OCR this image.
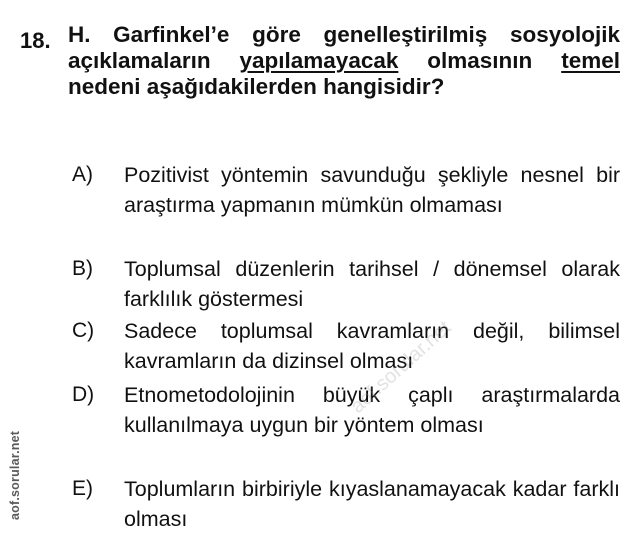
18. H. Garfinkel’e göre genelleştirilmiş sosyolojik açıklamaların yapılamayacak olmasının temel nedeni aşağıdakilerden hangisidir?
A) Pozitivist yöntemin savunduğu şekliyle nesnel bir araştırma yapmanın mümkün olmaması
B) Toplumsal düzenlerin tarihsel / dönemsel olarak farklılık göstermesi
C) Sadece toplumsal kavramların değil, bilimsel kavramların da dizinsel olması
D) Etnometodolojinin büyük çaplı araştırmalarda kullanılmaya uygun bir yöntem olması
E) Toplumların birbiriyle kıyaslanamayacak kadar farklı olması
aof.sorular.net
aof.sorular.net
